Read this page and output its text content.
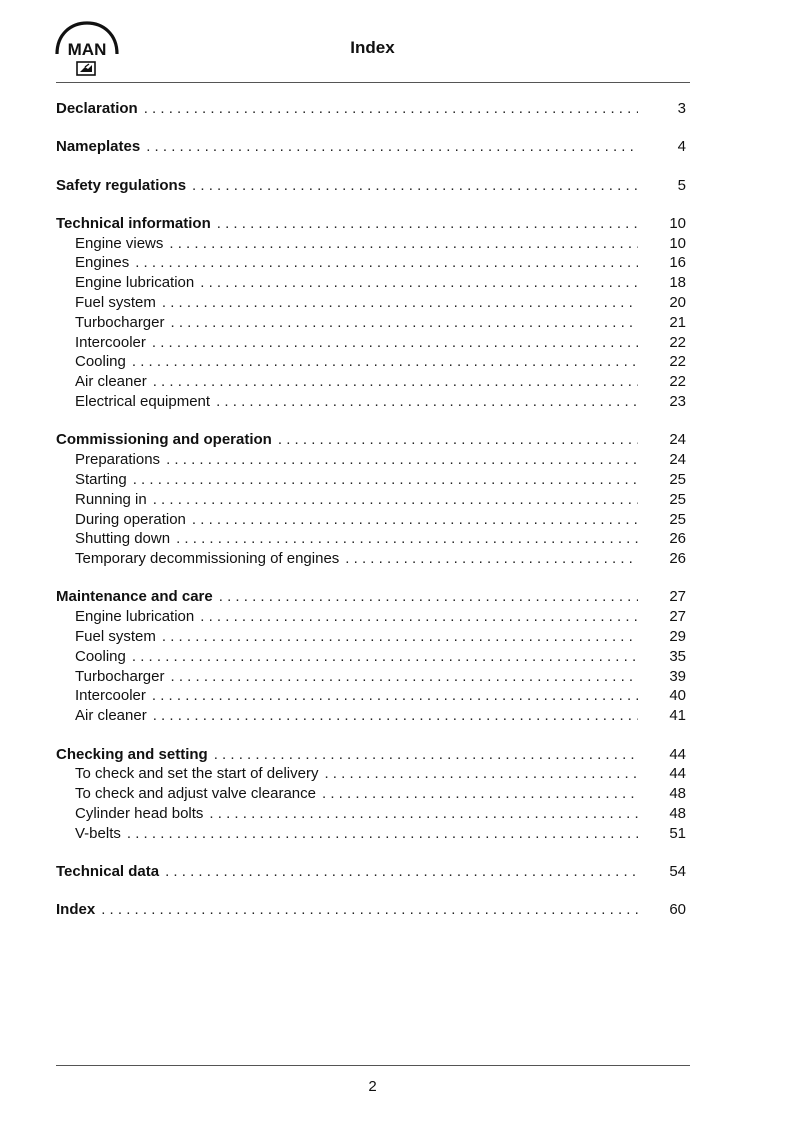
MAN	Index
Declaration . . .	3
Nameplates . . .	4
Safety regulations . . .	5
Technical information . . .	10
Engine views . . .	10
Engines . . .	16
Engine lubrication . . .	18
Fuel system . . .	20
Turbocharger . . .	21
Intercooler . . .	22
Cooling . . .	22
Air cleaner . . .	22
Electrical equipment . . .	23
Commissioning and operation . . .	24
Preparations . . .	24
Starting . . .	25
Running in . . .	25
During operation . . .	25
Shutting down . . .	26
Temporary decommissioning of engines . . .	26
Maintenance and care . . .	27
Engine lubrication . . .	27
Fuel system . . .	29
Cooling . . .	35
Turbocharger . . .	39
Intercooler . . .	40
Air cleaner . . .	41
Checking and setting . . .	44
To check and set the start of delivery . . .	44
To check and adjust valve clearance . . .	48
Cylinder head bolts . . .	48
V-belts . . .	51
Technical data . . .	54
Index . . .	60
2
